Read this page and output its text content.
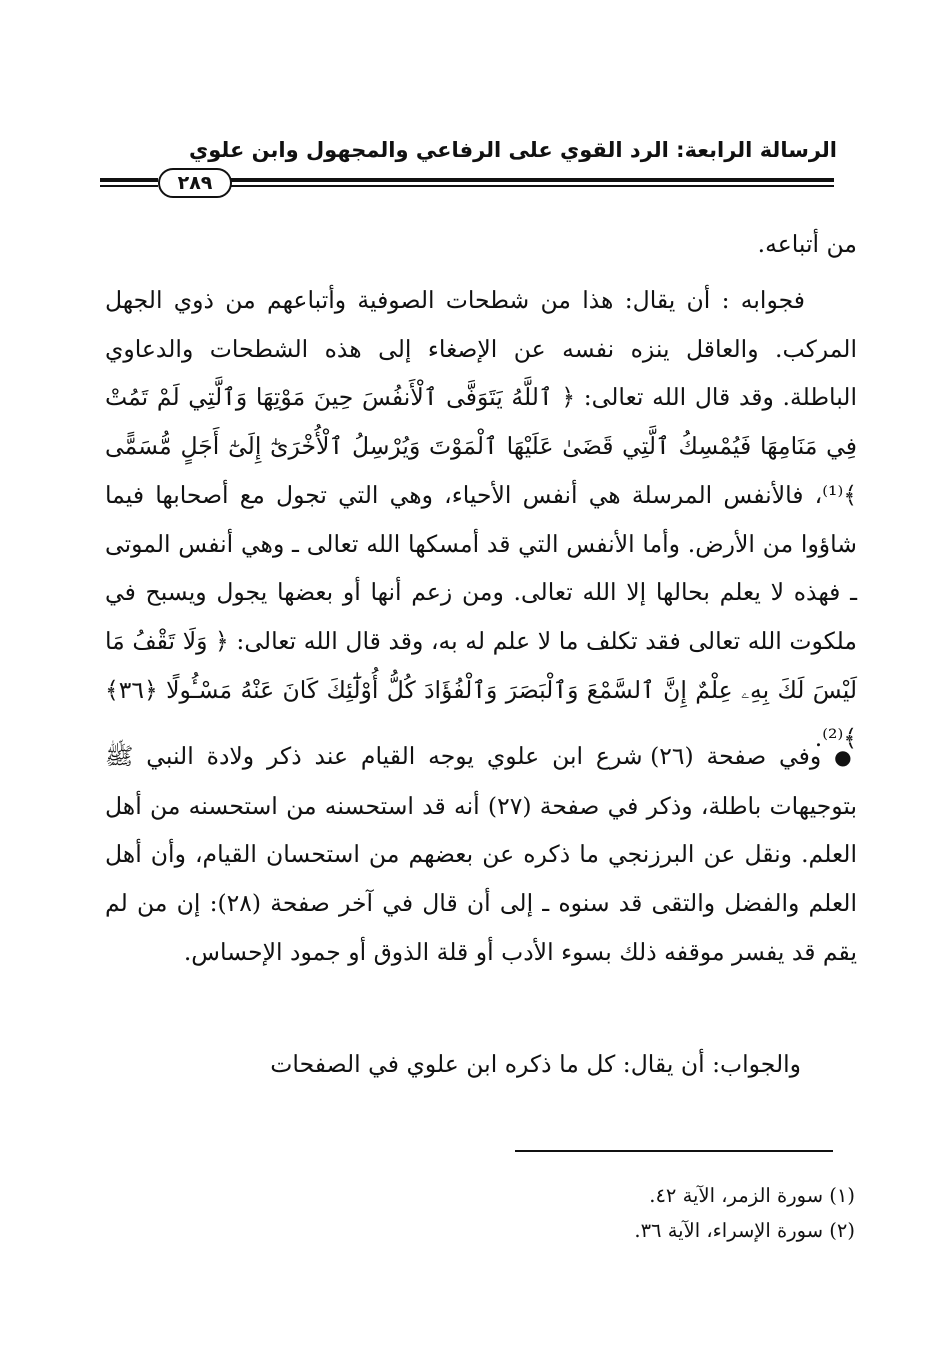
الرسالة الرابعة: الرد القوي على الرفاعي والمجهول وابن علوي
٢٨٩
من أتباعه.
فجوابه : أن يقال: هذا من شطحات الصوفية وأتباعهم من ذوي الجهل المركب. والعاقل ينزه نفسه عن الإصغاء إلى هذه الشطحات والدعاوي الباطلة. وقد قال الله تعالى: ﴿ ٱللَّهُ يَتَوَفَّى ٱلْأَنفُسَ حِينَ مَوْتِهَا وَٱلَّتِي لَمْ تَمُتْ فِي مَنَامِهَا فَيُمْسِكُ ٱلَّتِي قَضَىٰ عَلَيْهَا ٱلْمَوْتَ وَيُرْسِلُ ٱلْأُخْرَىٰٓ إِلَىٰٓ أَجَلٍ مُّسَمًّى ﴾⁽¹⁾، فالأنفس المرسلة هي أنفس الأحياء، وهي التي تجول مع أصحابها فيما شاؤوا من الأرض. وأما الأنفس التي قد أمسكها الله تعالى ـ وهي أنفس الموتى ـ فهذه لا يعلم بحالها إلا الله تعالى. ومن زعم أنها أو بعضها يجول ويسبح في ملكوت الله تعالى فقد تكلف ما لا علم له به، وقد قال الله تعالى: ﴿ وَلَا تَقْفُ مَا لَيْسَ لَكَ بِهِۦ عِلْمٌ إِنَّ ٱلسَّمْعَ وَٱلْبَصَرَ وَٱلْفُؤَادَ كُلُّ أُوْلَٰٓئِكَ كَانَ عَنْهُ مَسْـُٔولًا ﴿٣٦﴾ ﴾⁽²⁾.
● وفي صفحة (٢٦) شرع ابن علوي يوجه القيام عند ذكر ولادة النبي ﷺ بتوجيهات باطلة، وذكر في صفحة (٢٧) أنه قد استحسنه من استحسنه من أهل العلم. ونقل عن البرزنجي ما ذكره عن بعضهم من استحسان القيام، وأن أهل العلم والفضل والتقى قد سنوه ـ إلى أن قال في آخر صفحة (٢٨): إن من لم يقم قد يفسر موقفه ذلك بسوء الأدب أو قلة الذوق أو جمود الإحساس.
والجواب: أن يقال: كل ما ذكره ابن علوي في الصفحات
(١) سورة الزمر، الآية ٤٢.
(٢) سورة الإسراء، الآية ٣٦.
